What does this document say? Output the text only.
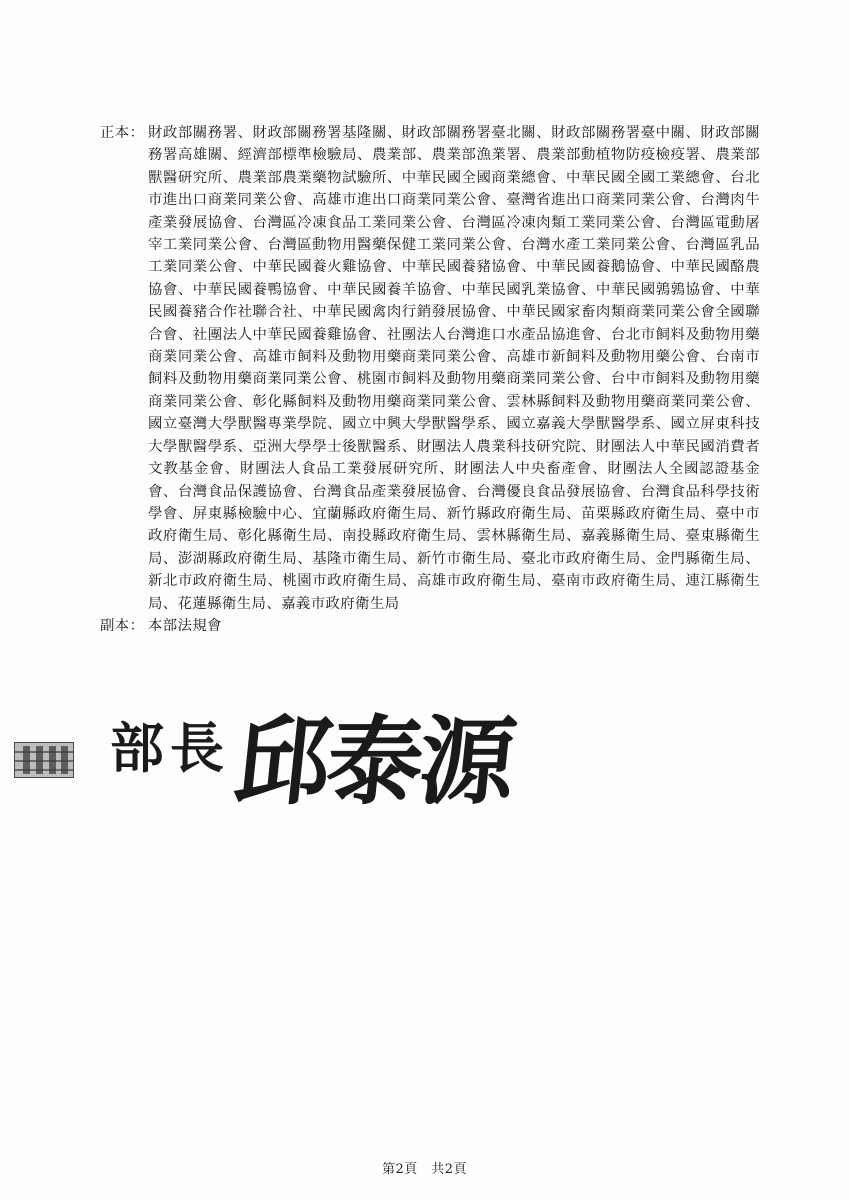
正本： 財政部關務署、財政部關務署基隆關、財政部關務署臺北關、財政部關務署臺中關、財政部關務署高雄關、經濟部標準檢驗局、農業部、農業部漁業署、農業部動植物防疫檢疫署、農業部獸醫研究所、農業部農業藥物試驗所、中華民國全國商業總會、中華民國全國工業總會、台北市進出口商業同業公會、高雄市進出口商業同業公會、臺灣省進出口商業同業公會、台灣肉牛產業發展協會、台灣區冷凍食品工業同業公會、台灣區冷凍肉類工業同業公會、台灣區電動屠宰工業同業公會、台灣區動物用醫藥保健工業同業公會、台灣水產工業同業公會、台灣區乳品工業同業公會、中華民國養火雞協會、中華民國養豬協會、中華民國養鵝協會、中華民國酪農協會、中華民國養鴨協會、中華民國養羊協會、中華民國乳業協會、中華民國鶉鶉協會、中華民國養豬合作社聯合社、中華民國禽肉行銷發展協會、中華民國家畜肉類商業同業公會全國聯合會、社團法人中華民國養雞協會、社團法人台灣進口水產品協進會、台北市飼料及動物用藥商業同業公會、高雄市飼料及動物用藥商業同業公會、高雄市新飼料及動物用藥公會、台南市飼料及動物用藥商業同業公會、桃園市飼料及動物用藥商業同業公會、台中市飼料及動物用藥商業同業公會、彰化縣飼料及動物用藥商業同業公會、雲林縣飼料及動物用藥商業同業公會、國立臺灣大學獸醫專業學院、國立中興大學獸醫學系、國立嘉義大學獸醫學系、國立屏東科技大學獸醫學系、亞洲大學學士後獸醫系、財團法人農業科技研究院、財團法人中華民國消費者文教基金會、財團法人食品工業發展研究所、財團法人中央畜產會、財團法人全國認證基金會、台灣食品保護協會、台灣食品產業發展協會、台灣優良食品發展協會、台灣食品科學技術學會、屏東縣檢驗中心、宜蘭縣政府衛生局、新竹縣政府衛生局、苗栗縣政府衛生局、臺中市政府衛生局、彰化縣衛生局、南投縣政府衛生局、雲林縣衛生局、嘉義縣衛生局、臺東縣衛生局、澎湖縣政府衛生局、基隆市衛生局、新竹市衛生局、臺北市政府衛生局、金門縣衛生局、新北市政府衛生局、桃園市政府衛生局、高雄市政府衛生局、臺南市政府衛生局、連江縣衛生局、花蓮縣衛生局、嘉義市政府衛生局
副本： 本部法規會
部長 邱泰源
第2頁　共2頁
